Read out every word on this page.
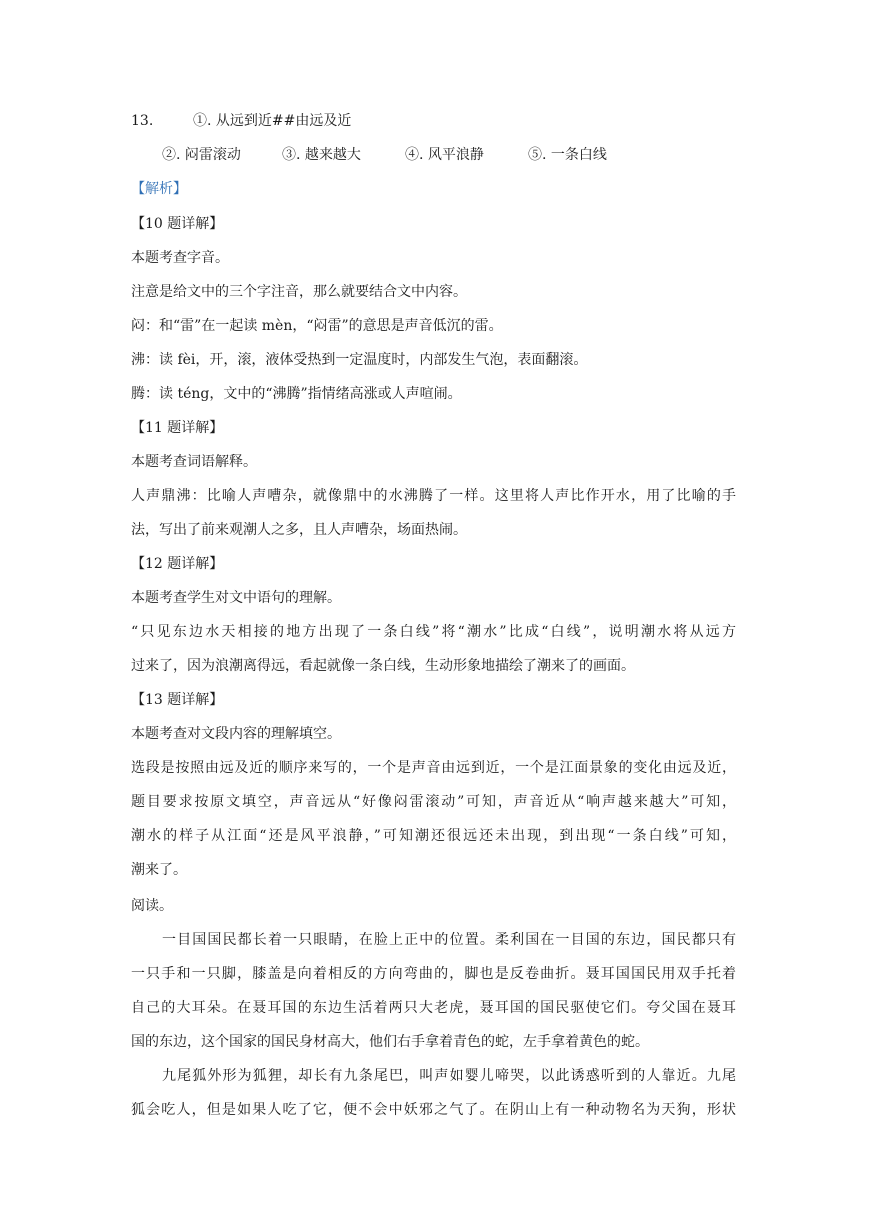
13.	①. 从远到近##由远及近
②. 闷雷滚动	③. 越来越大	④. 风平浪静	⑤. 一条白线
【解析】
【10 题详解】
本题考查字音。
注意是给文中的三个字注音，那么就要结合文中内容。
闷：和“雷”在一起读 mèn，“闷雷”的意思是声音低沉的雷。
沸：读 fèi，开，滚，液体受热到一定温度时，内部发生气泡，表面翻滚。
腾：读 téng，文中的“沸腾”指情绪高涨或人声喧闹。
【11 题详解】
本题考查词语解释。
人声鼎沸：比喻人声嘈杂，就像鼎中的水沸腾了一样。这里将人声比作开水，用了比喻的手
法，写出了前来观潮人之多，且人声嘈杂，场面热闹。
【12 题详解】
本题考查学生对文中语句的理解。
“只见东边水天相接的地方出现了一条白线”将“潮水”比成“白线”，说明潮水将从远方
过来了，因为浪潮离得远，看起就像一条白线，生动形象地描绘了潮来了的画面。
【13 题详解】
本题考查对文段内容的理解填空。
选段是按照由远及近的顺序来写的，一个是声音由远到近，一个是江面景象的变化由远及近，
题目要求按原文填空，声音远从“好像闷雷滚动”可知，声音近从“响声越来越大”可知，
潮水的样子从江面“还是风平浪静，”可知潮还很远还未出现，到出现“一条白线”可知，
潮来了。
阅读。
一目国国民都长着一只眼睛，在脸上正中的位置。柔利国在一目国的东边，国民都只有
一只手和一只脚，膝盖是向着相反的方向弯曲的，脚也是反卷曲折。聂耳国国民用双手托着
自己的大耳朵。在聂耳国的东边生活着两只大老虎，聂耳国的国民驱使它们。夸父国在聂耳
国的东边，这个国家的国民身材高大，他们右手拿着青色的蛇，左手拿着黄色的蛇。
九尾狐外形为狐狸，却长有九条尾巴，叫声如婴儿啼哭，以此诱惑听到的人靠近。九尾
狐会吃人，但是如果人吃了它，便不会中妖邪之气了。在阴山上有一种动物名为天狗，形状
